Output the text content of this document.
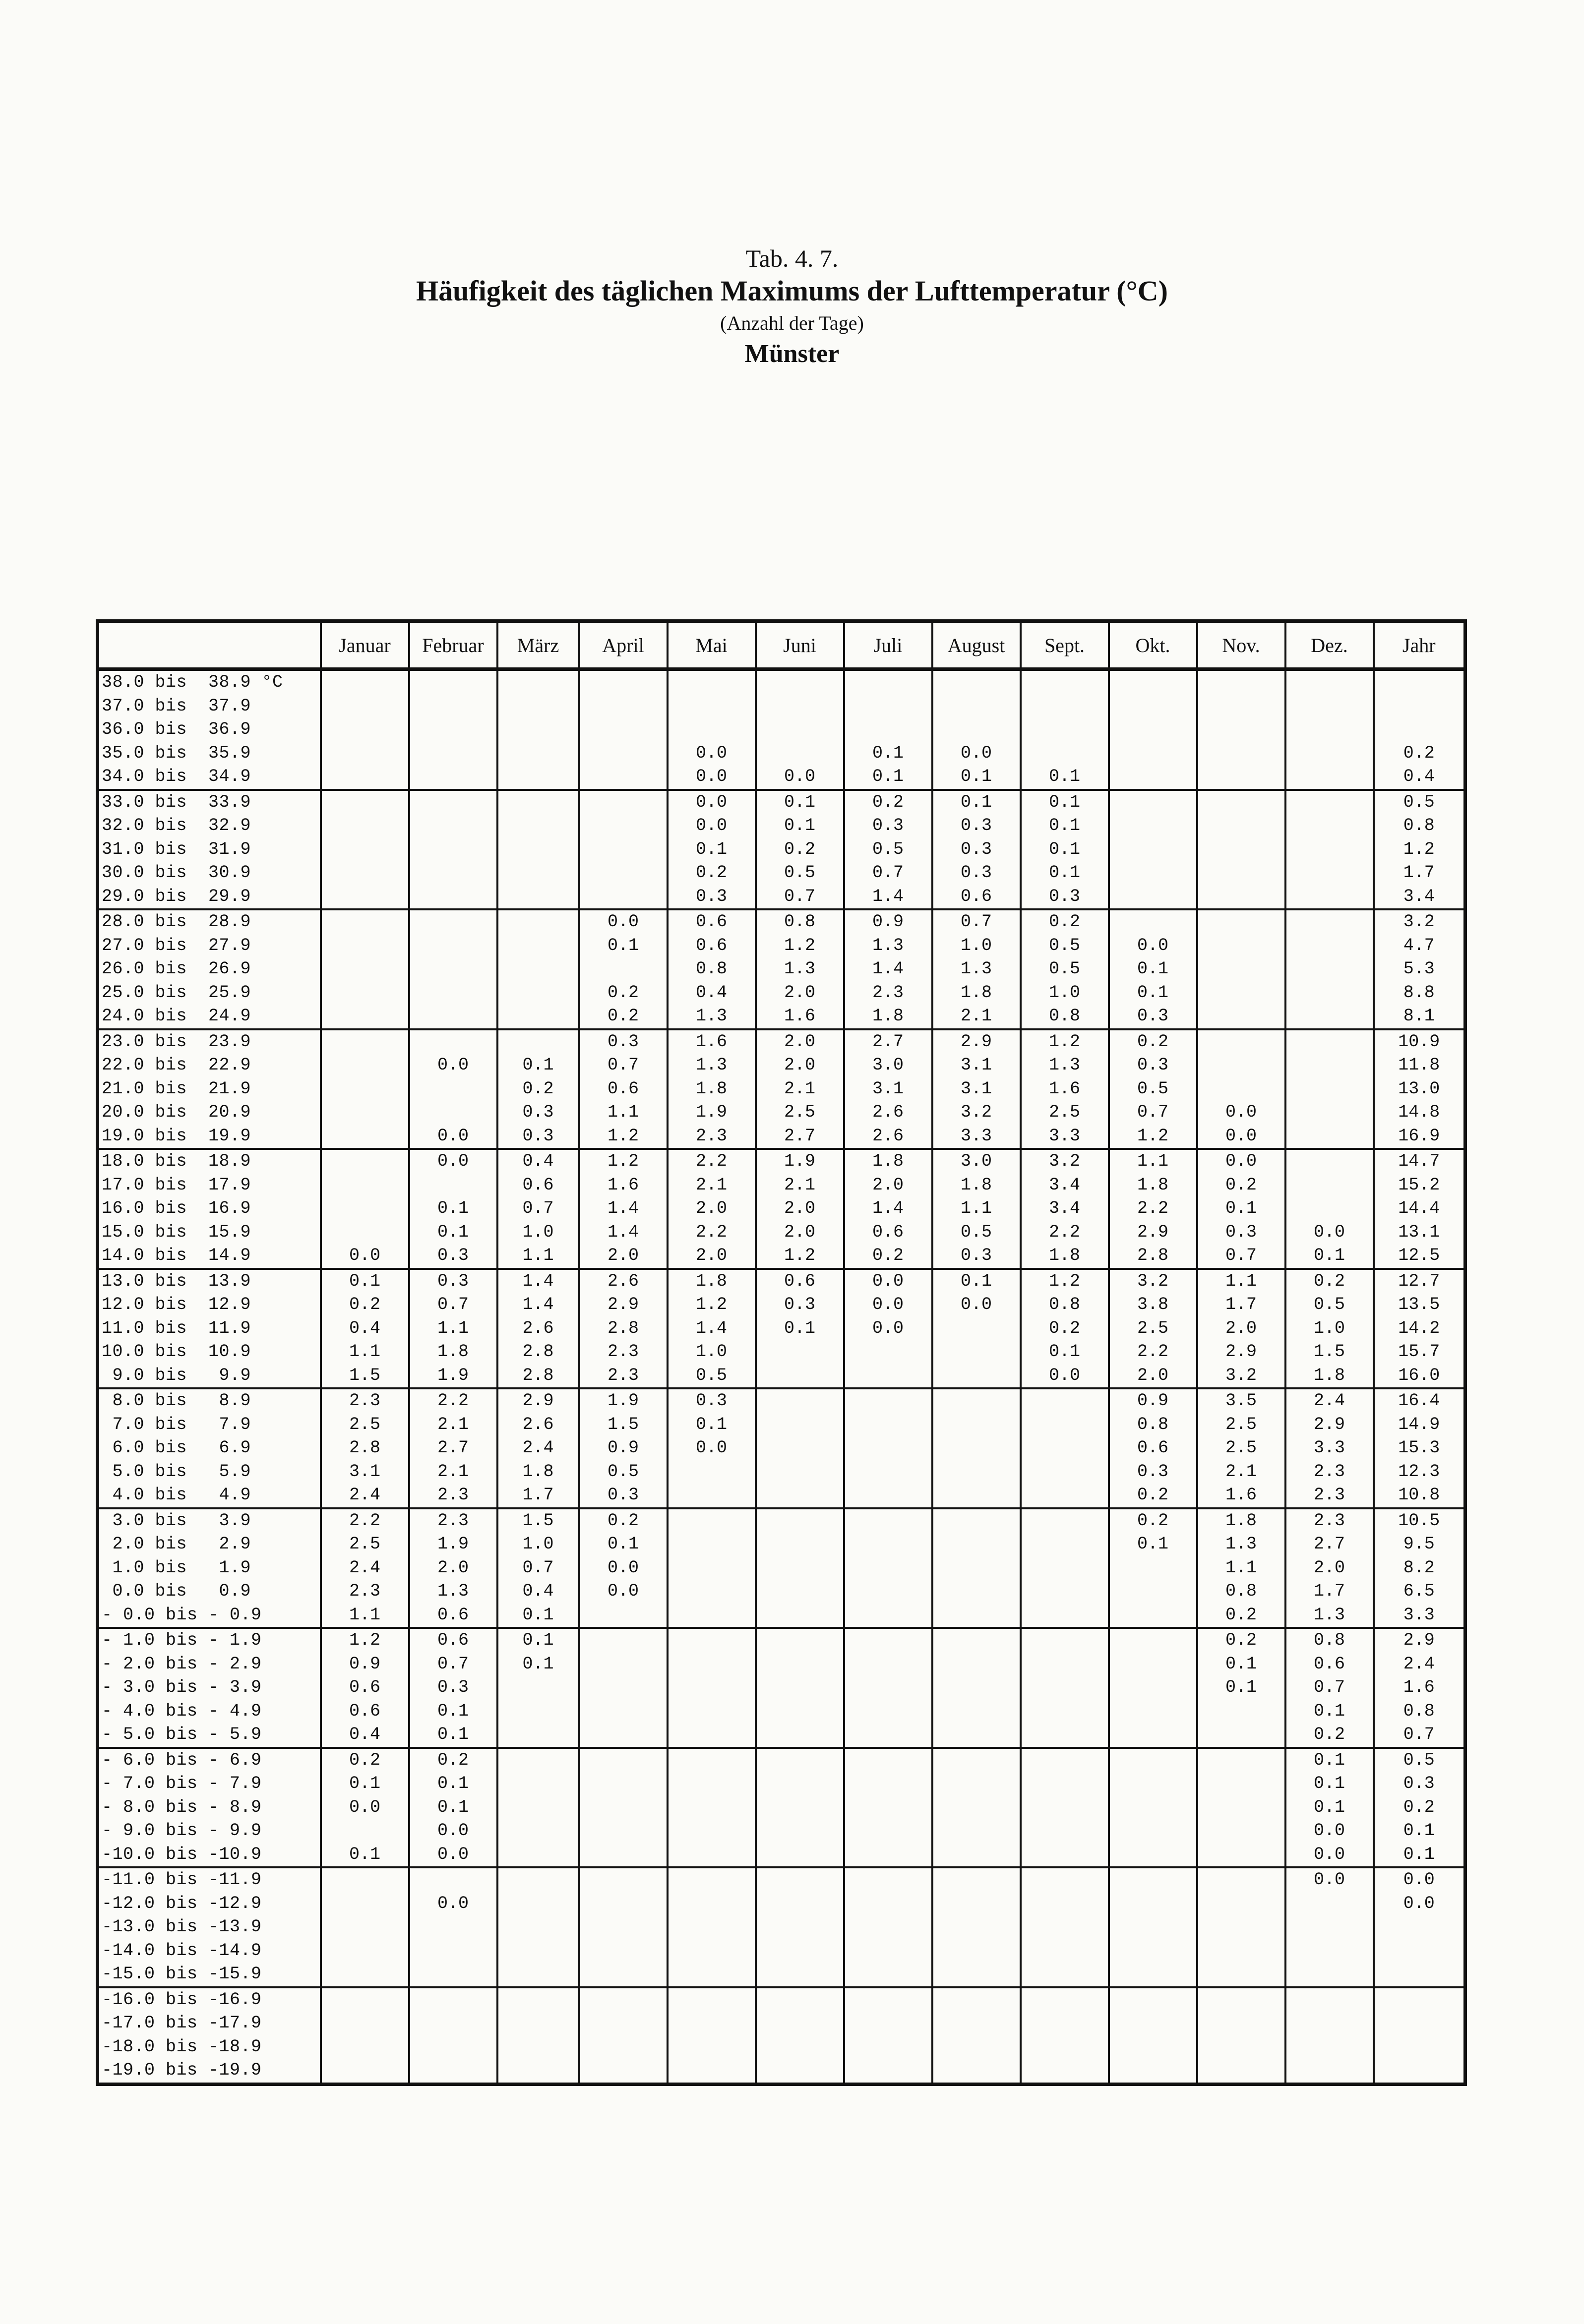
Tab. 4. 7.
Häufigkeit des täglichen Maximums der Lufttemperatur (°C)
(Anzahl der Tage)
Münster
	Januar	Februar	März	April	Mai	Juni	Juli	August	Sept.	Okt.	Nov.	Dez.	Jahr
38.0 bis  38.9 °C													
37.0 bis  37.9													
36.0 bis  36.9													
35.0 bis  35.9					0.0		0.1	0.0					0.2
34.0 bis  34.9					0.0	0.0	0.1	0.1	0.1				0.4
33.0 bis  33.9					0.0	0.1	0.2	0.1	0.1				0.5
32.0 bis  32.9					0.0	0.1	0.3	0.3	0.1				0.8
31.0 bis  31.9					0.1	0.2	0.5	0.3	0.1				1.2
30.0 bis  30.9					0.2	0.5	0.7	0.3	0.1				1.7
29.0 bis  29.9					0.3	0.7	1.4	0.6	0.3				3.4
28.0 bis  28.9				0.0	0.6	0.8	0.9	0.7	0.2				3.2
27.0 bis  27.9				0.1	0.6	1.2	1.3	1.0	0.5	0.0			4.7
26.0 bis  26.9					0.8	1.3	1.4	1.3	0.5	0.1			5.3
25.0 bis  25.9				0.2	0.4	2.0	2.3	1.8	1.0	0.1			8.8
24.0 bis  24.9				0.2	1.3	1.6	1.8	2.1	0.8	0.3			8.1
23.0 bis  23.9				0.3	1.6	2.0	2.7	2.9	1.2	0.2			10.9
22.0 bis  22.9		0.0	0.1	0.7	1.3	2.0	3.0	3.1	1.3	0.3			11.8
21.0 bis  21.9			0.2	0.6	1.8	2.1	3.1	3.1	1.6	0.5			13.0
20.0 bis  20.9			0.3	1.1	1.9	2.5	2.6	3.2	2.5	0.7	0.0		14.8
19.0 bis  19.9		0.0	0.3	1.2	2.3	2.7	2.6	3.3	3.3	1.2	0.0		16.9
18.0 bis  18.9		0.0	0.4	1.2	2.2	1.9	1.8	3.0	3.2	1.1	0.0		14.7
17.0 bis  17.9			0.6	1.6	2.1	2.1	2.0	1.8	3.4	1.8	0.2		15.2
16.0 bis  16.9		0.1	0.7	1.4	2.0	2.0	1.4	1.1	3.4	2.2	0.1		14.4
15.0 bis  15.9		0.1	1.0	1.4	2.2	2.0	0.6	0.5	2.2	2.9	0.3	0.0	13.1
14.0 bis  14.9	0.0	0.3	1.1	2.0	2.0	1.2	0.2	0.3	1.8	2.8	0.7	0.1	12.5
13.0 bis  13.9	0.1	0.3	1.4	2.6	1.8	0.6	0.0	0.1	1.2	3.2	1.1	0.2	12.7
12.0 bis  12.9	0.2	0.7	1.4	2.9	1.2	0.3	0.0	0.0	0.8	3.8	1.7	0.5	13.5
11.0 bis  11.9	0.4	1.1	2.6	2.8	1.4	0.1	0.0		0.2	2.5	2.0	1.0	14.2
10.0 bis  10.9	1.1	1.8	2.8	2.3	1.0				0.1	2.2	2.9	1.5	15.7
9.0 bis   9.9	1.5	1.9	2.8	2.3	0.5				0.0	2.0	3.2	1.8	16.0
8.0 bis   8.9	2.3	2.2	2.9	1.9	0.3					0.9	3.5	2.4	16.4
7.0 bis   7.9	2.5	2.1	2.6	1.5	0.1					0.8	2.5	2.9	14.9
6.0 bis   6.9	2.8	2.7	2.4	0.9	0.0					0.6	2.5	3.3	15.3
5.0 bis   5.9	3.1	2.1	1.8	0.5						0.3	2.1	2.3	12.3
4.0 bis   4.9	2.4	2.3	1.7	0.3						0.2	1.6	2.3	10.8
3.0 bis   3.9	2.2	2.3	1.5	0.2						0.2	1.8	2.3	10.5
2.0 bis   2.9	2.5	1.9	1.0	0.1						0.1	1.3	2.7	9.5
1.0 bis   1.9	2.4	2.0	0.7	0.0							1.1	2.0	8.2
0.0 bis   0.9	2.3	1.3	0.4	0.0							0.8	1.7	6.5
- 0.0 bis - 0.9	1.1	0.6	0.1								0.2	1.3	3.3
- 1.0 bis - 1.9	1.2	0.6	0.1								0.2	0.8	2.9
- 2.0 bis - 2.9	0.9	0.7	0.1								0.1	0.6	2.4
- 3.0 bis - 3.9	0.6	0.3									0.1	0.7	1.6
- 4.0 bis - 4.9	0.6	0.1										0.1	0.8
- 5.0 bis - 5.9	0.4	0.1										0.2	0.7
- 6.0 bis - 6.9	0.2	0.2										0.1	0.5
- 7.0 bis - 7.9	0.1	0.1										0.1	0.3
- 8.0 bis - 8.9	0.0	0.1										0.1	0.2
- 9.0 bis - 9.9		0.0										0.0	0.1
-10.0 bis -10.9	0.1	0.0										0.0	0.1
-11.0 bis -11.9												0.0	0.0
-12.0 bis -12.9		0.0											0.0
-13.0 bis -13.9													
-14.0 bis -14.9													
-15.0 bis -15.9													
-16.0 bis -16.9													
-17.0 bis -17.9													
-18.0 bis -18.9													
-19.0 bis -19.9													
